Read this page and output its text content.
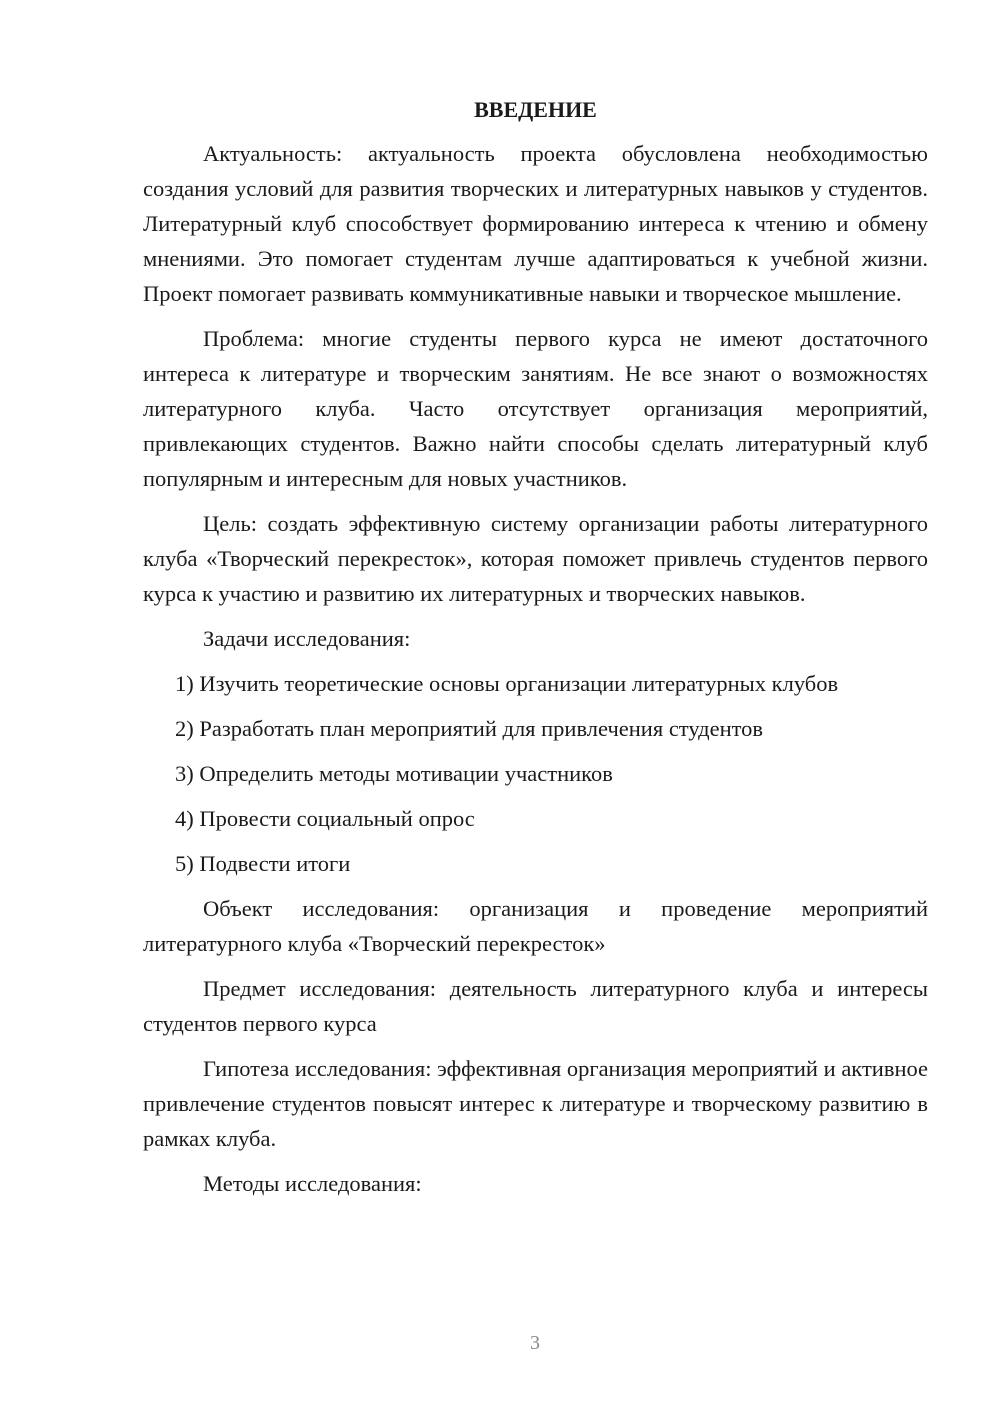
ВВЕДЕНИЕ

Актуальность: актуальность проекта обусловлена необходимостью создания условий для развития творческих и литературных навыков у студентов. Литературный клуб способствует формированию интереса к чтению и обмену мнениями. Это помогает студентам лучше адаптироваться к учебной жизни. Проект помогает развивать коммуникативные навыки и творческое мышление.

Проблема: многие студенты первого курса не имеют достаточного интереса к литературе и творческим занятиям. Не все знают о возможностях литературного клуба. Часто отсутствует организация мероприятий, привлекающих студентов. Важно найти способы сделать литературный клуб популярным и интересным для новых участников.

Цель: создать эффективную систему организации работы литературного клуба «Творческий перекресток», которая поможет привлечь студентов первого курса к участию и развитию их литературных и творческих навыков.

Задачи исследования:

1) Изучить теоретические основы организации литературных клубов
2) Разработать план мероприятий для привлечения студентов
3) Определить методы мотивации участников
4) Провести социальный опрос
5) Подвести итоги

Объект исследования: организация и проведение мероприятий литературного клуба «Творческий перекресток»

Предмет исследования: деятельность литературного клуба и интересы студентов первого курса

Гипотеза исследования: эффективная организация мероприятий и активное привлечение студентов повысят интерес к литературе и творческому развитию в рамках клуба.

Методы исследования:

3
